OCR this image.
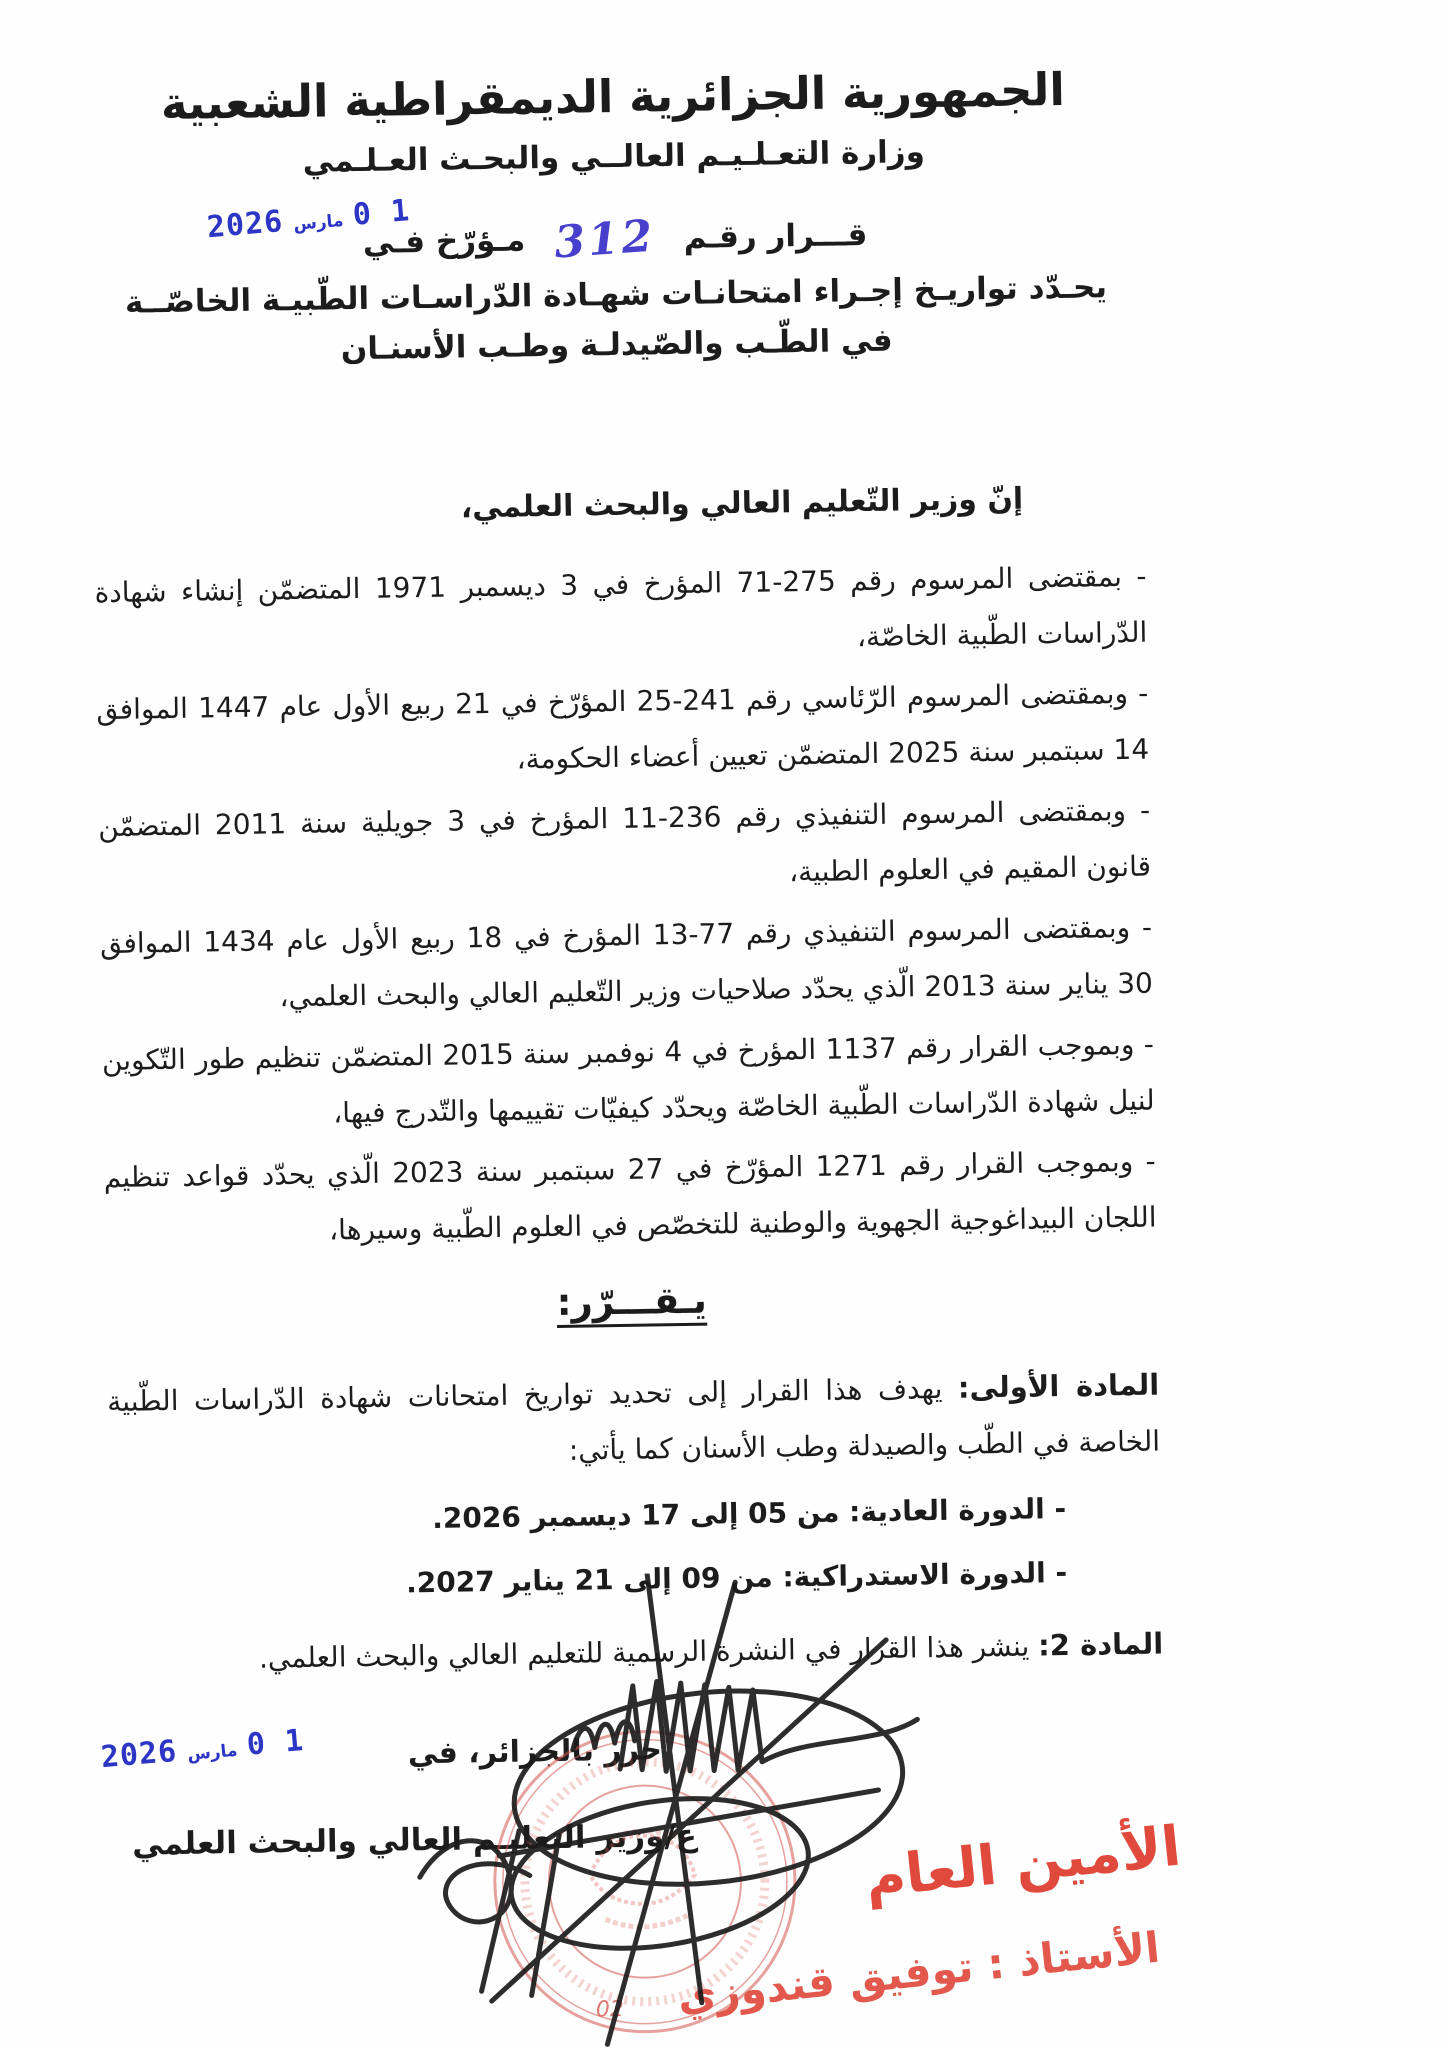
الجمهورية الجزائرية الديمقراطية الشعبية
وزارة التعـلـيـم العالــي والبحـث العـلـمي
قـــرار رقـم 312 مـؤرّخ فـي
2026 مارس 0 1
يحـدّد تواريـخ إجـراء امتحانـات شهـادة الدّراسـات الطّبيـة الخاصّــة
في الطّـب والصّيدلـة وطـب الأسنـان
إنّ وزير التّعليم العالي والبحث العلمي،

- بمقتضى المرسوم رقم 275-71 المؤرخ في 3 ديسمبر 1971 المتضمّن إنشاء شهادة الدّراسات الطّبية الخاصّة،

- وبمقتضى المرسوم الرّئاسي رقم 241-25 المؤرّخ في 21 ربيع الأول عام 1447 الموافق 14 سبتمبر سنة 2025 المتضمّن تعيين أعضاء الحكومة،

- وبمقتضى المرسوم التنفيذي رقم 236-11 المؤرخ في 3 جويلية سنة 2011 المتضمّن قانون المقيم في العلوم الطبية،

- وبمقتضى المرسوم التنفيذي رقم 77-13 المؤرخ في 18 ربيع الأول عام 1434 الموافق 30 يناير سنة 2013 الّذي يحدّد صلاحيات وزير التّعليم العالي والبحث العلمي،

- وبموجب القرار رقم 1137 المؤرخ في 4 نوفمبر سنة 2015 المتضمّن تنظيم طور التّكوين لنيل شهادة الدّراسات الطّبية الخاصّة ويحدّد كيفيّات تقييمها والتّدرج فيها،

- وبموجب القرار رقم 1271 المؤرّخ في 27 سبتمبر سنة 2023 الّذي يحدّد قواعد تنظيم اللجان البيداغوجية الجهوية والوطنية للتخصّص في العلوم الطّبية وسيرها،

يـقـــرّر:

المادة الأولى: يهدف هذا القرار إلى تحديد تواريخ امتحانات شهادة الدّراسات الطّبية الخاصة في الطّب والصيدلة وطب الأسنان كما يأتي:

- الدورة العادية: من 05 إلى 17 ديسمبر 2026.

- الدورة الاستدراكية: من 09 إلى 21 يناير 2027.

المادة 2: ينشر هذا القرار في النشرة الرسمية للتعليم العالي والبحث العلمي.

حرر بالجزائر، في
2026 مارس 0 1
ع/وزير التعليـم العالي والبحث العلمي	الأمين العام
الأستاذ : توفيق قندوزي
02
